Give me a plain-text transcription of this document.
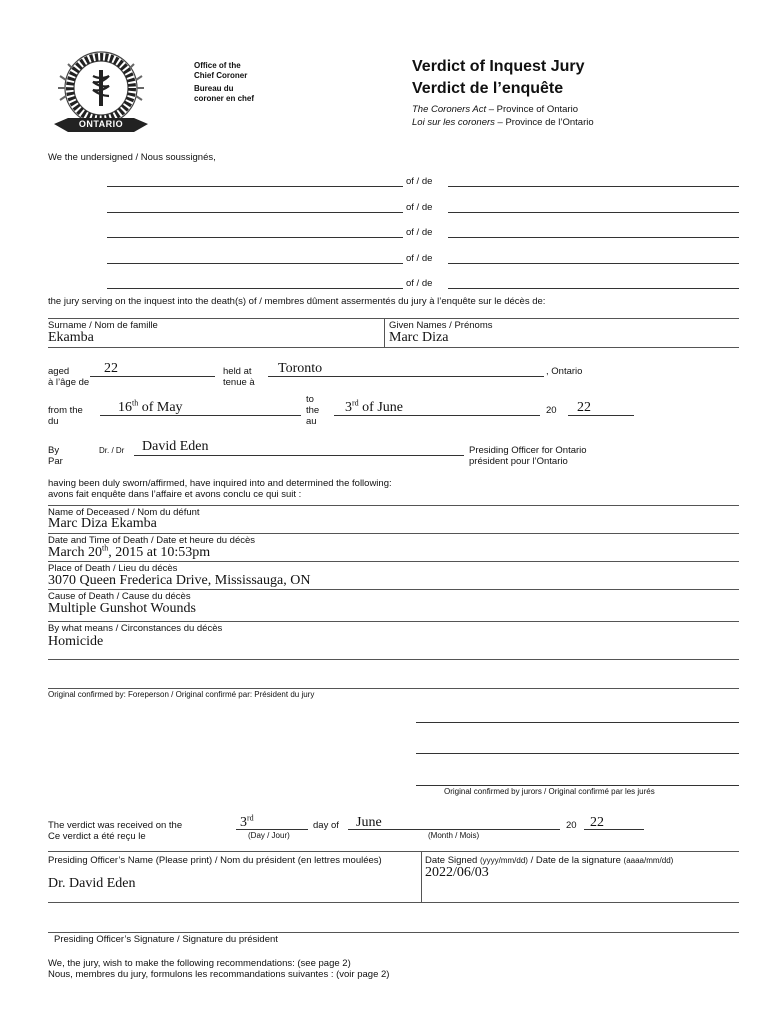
ONTARIO
Office of the
Chief Coroner
Bureau du
coroner en chef
Verdict of Inquest Jury
Verdict de l’enquête
The Coroners Act – Province of Ontario
Loi sur les coroners – Province de l’Ontario
We the undersigned / Nous soussignés,
of / de
of / de
of / de
of / de
of / de
the jury serving on the inquest into the death(s) of / membres dûment assermentés du jury à l’enquête sur le décès de:
Surname / Nom de famille
Ekamba
Given Names / Prénoms
Marc Diza
aged
à l’âge de
22	held at
tenue à
Toronto	, Ontario
from the
du
16th of May
to
the
au
3rd of June	20 22
By
Par
Dr. / Dr David Eden	Presiding Officer for Ontario
président pour l’Ontario
having been duly sworn/affirmed, have inquired into and determined the following:
avons fait enquête dans l’affaire et avons conclu ce qui suit :
Name of Deceased / Nom du défunt
Marc Diza Ekamba
Date and Time of Death / Date et heure du décès
March 20th, 2015 at 10:53pm
Place of Death / Lieu du décès
3070 Queen Frederica Drive, Mississauga, ON
Cause of Death / Cause du décès
Multiple Gunshot Wounds
By what means / Circonstances du décès
Homicide
Original confirmed by: Foreperson / Original confirmé par: Président du jury
Original confirmed by jurors / Original confirmé par les jurés
The verdict was received on the
Ce verdict a été reçu le
3rd
(Day / Jour)
day of June
(Month / Mois)
20 22
Presiding Officer’s Name (Please print) / Nom du président (en lettres moulées)
Dr. David Eden
Date Signed (yyyy/mm/dd) / Date de la signature (aaaa/mm/dd)
2022/06/03
Presiding Officer’s Signature / Signature du président
We, the jury, wish to make the following recommendations: (see page 2)
Nous, membres du jury, formulons les recommandations suivantes : (voir page 2)
